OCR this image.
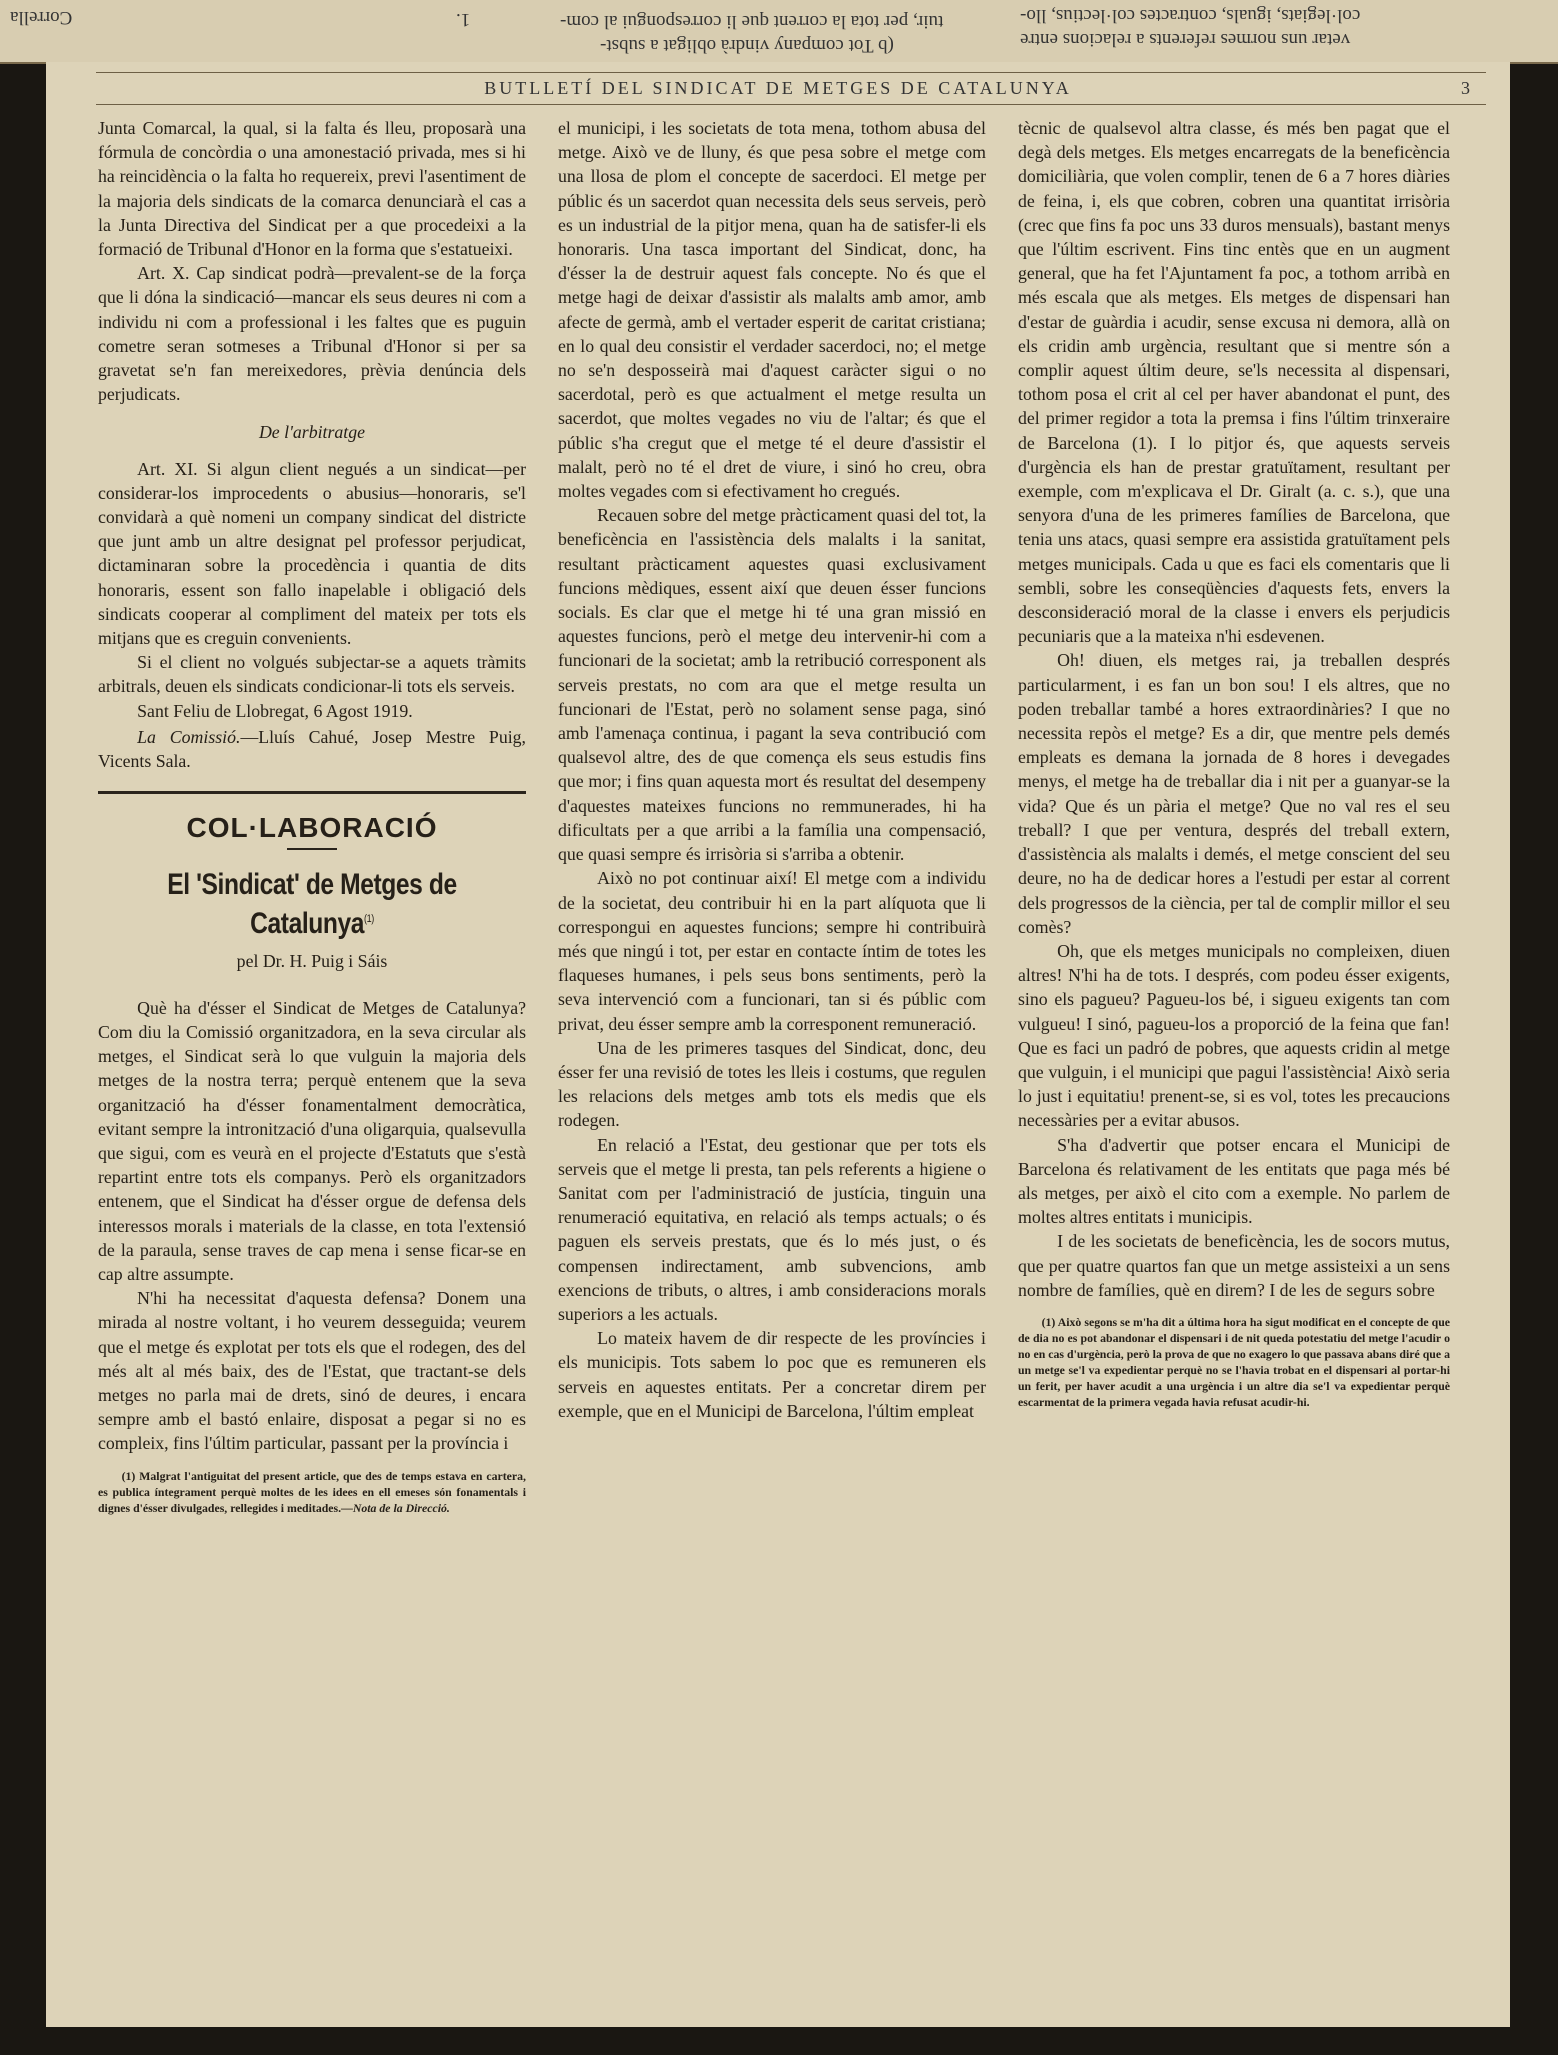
Corrella	1.	tuir, per tota la corrent que li correspongui al com-
(b Tot company vindrà obligat a subst-
col·legiats, iguals, contractes col·lectius, llo-
vetar uns normes referents a relacions entre
BUTLLETÍ DEL SINDICAT DE METGES DE CATALUNYA	3

Junta Comarcal, la qual, si la falta és lleu, proposarà una fórmula de concòrdia o una amonestació privada, mes si hi ha reincidència o la falta ho requereix, previ l'asentiment de la majoria dels sindicats de la comarca denunciarà el cas a la Junta Directiva del Sindicat per a que procedeixi a la formació de Tribunal d'Honor en la forma que s'estatueixi.

Art. X. Cap sindicat podrà—prevalent-se de la força que li dóna la sindicació—mancar els seus deures ni com a individu ni com a professional i les faltes que es puguin cometre seran sotmeses a Tribunal d'Honor si per sa gravetat se'n fan mereixedores, prèvia denúncia dels perjudicats.

De l'arbitratge

Art. XI. Si algun client negués a un sindicat—per considerar-los improcedents o abusius—honoraris, se'l convidarà a què nomeni un company sindicat del districte que junt amb un altre designat pel professor perjudicat, dictaminaran sobre la procedència i quantia de dits honoraris, essent son fallo inapelable i obligació dels sindicats cooperar al compliment del mateix per tots els mitjans que es creguin convenients.

Si el client no volgués subjectar-se a aquets tràmits arbitrals, deuen els sindicats condicionar-li tots els serveis.

Sant Feliu de Llobregat, 6 Agost 1919.

La Comissió.—Lluís Cahué, Josep Mestre Puig, Vicents Sala.

COL·LABORACIÓ
El 'Sindicat' de Metges de Catalunya$^{(1)}$
pel Dr. H. Puig i Sáis

Què ha d'ésser el Sindicat de Metges de Catalunya? Com diu la Comissió organitzadora, en la seva circular als metges, el Sindicat serà lo que vulguin la majoria dels metges de la nostra terra; perquè entenem que la seva organització ha d'ésser fonamentalment democràtica, evitant sempre la intronització d'una oligarquia, qualsevulla que sigui, com es veurà en el projecte d'Estatuts que s'està repartint entre tots els companys. Però els organitzadors entenem, que el Sindicat ha d'ésser orgue de defensa dels interessos morals i materials de la classe, en tota l'extensió de la paraula, sense traves de cap mena i sense ficar-se en cap altre assumpte.

N'hi ha necessitat d'aquesta defensa? Donem una mirada al nostre voltant, i ho veurem desseguida; veurem que el metge és explotat per tots els que el rodegen, des del més alt al més baix, des de l'Estat, que tractant-se dels metges no parla mai de drets, sinó de deures, i encara sempre amb el bastó enlaire, disposat a pegar si no es compleix, fins l'últim particular, passant per la província i

(1) Malgrat l'antiguitat del present article, que des de temps estava en cartera, es publica íntegrament perquè moltes de les idees en ell emeses són fonamentals i dignes d'ésser divulgades, rellegides i meditades.—Nota de la Direcció.

el municipi, i les societats de tota mena, tothom abusa del metge. Això ve de lluny, és que pesa sobre el metge com una llosa de plom el concepte de sacerdoci. El metge per públic és un sacerdot quan necessita dels seus serveis, però es un industrial de la pitjor mena, quan ha de satisfer-li els honoraris. Una tasca important del Sindicat, donc, ha d'ésser la de destruir aquest fals concepte. No és que el metge hagi de deixar d'assistir als malalts amb amor, amb afecte de germà, amb el vertader esperit de caritat cristiana; en lo qual deu consistir el verdader sacerdoci, no; el metge no se'n desposseirà mai d'aquest caràcter sigui o no sacerdotal, però es que actualment el metge resulta un sacerdot, que moltes vegades no viu de l'altar; és que el públic s'ha cregut que el metge té el deure d'assistir el malalt, però no té el dret de viure, i sinó ho creu, obra moltes vegades com si efectivament ho cregués.

Recauen sobre del metge pràcticament quasi del tot, la beneficència en l'assistència dels malalts i la sanitat, resultant pràcticament aquestes quasi exclusivament funcions mèdiques, essent així que deuen ésser funcions socials. Es clar que el metge hi té una gran missió en aquestes funcions, però el metge deu intervenir-hi com a funcionari de la societat; amb la retribució corresponent als serveis prestats, no com ara que el metge resulta un funcionari de l'Estat, però no solament sense paga, sinó amb l'amenaça continua, i pagant la seva contribució com qualsevol altre, des de que comença els seus estudis fins que mor; i fins quan aquesta mort és resultat del desempeny d'aquestes mateixes funcions no remmunerades, hi ha dificultats per a que arribi a la família una compensació, que quasi sempre és irrisòria si s'arriba a obtenir.

Això no pot continuar així! El metge com a individu de la societat, deu contribuir hi en la part alíquota que li correspongui en aquestes funcions; sempre hi contribuirà més que ningú i tot, per estar en contacte íntim de totes les flaqueses humanes, i pels seus bons sentiments, però la seva intervenció com a funcionari, tan si és públic com privat, deu ésser sempre amb la corresponent remuneració.

Una de les primeres tasques del Sindicat, donc, deu ésser fer una revisió de totes les lleis i costums, que regulen les relacions dels metges amb tots els medis que els rodegen.

En relació a l'Estat, deu gestionar que per tots els serveis que el metge li presta, tan pels referents a higiene o Sanitat com per l'administració de justícia, tinguin una renumeració equitativa, en relació als temps actuals; o és paguen els serveis prestats, que és lo més just, o és compensen indirectament, amb subvencions, amb exencions de tributs, o altres, i amb consideracions morals superiors a les actuals.

Lo mateix havem de dir respecte de les províncies i els municipis. Tots sabem lo poc que es remuneren els serveis en aquestes entitats. Per a concretar direm per exemple, que en el Municipi de Barcelona, l'últim empleat

tècnic de qualsevol altra classe, és més ben pagat que el degà dels metges. Els metges encarregats de la beneficència domiciliària, que volen complir, tenen de 6 a 7 hores diàries de feina, i, els que cobren, cobren una quantitat irrisòria (crec que fins fa poc uns 33 duros mensuals), bastant menys que l'últim escrivent. Fins tinc entès que en un augment general, que ha fet l'Ajuntament fa poc, a tothom arribà en més escala que als metges. Els metges de dispensari han d'estar de guàrdia i acudir, sense excusa ni demora, allà on els cridin amb urgència, resultant que si mentre són a complir aquest últim deure, se'ls necessita al dispensari, tothom posa el crit al cel per haver abandonat el punt, des del primer regidor a tota la premsa i fins l'últim trinxeraire de Barcelona (1). I lo pitjor és, que aquests serveis d'urgència els han de prestar gratuïtament, resultant per exemple, com m'explicava el Dr. Giralt (a. c. s.), que una senyora d'una de les primeres famílies de Barcelona, que tenia uns atacs, quasi sempre era assistida gratuïtament pels metges municipals. Cada u que es faci els comentaris que li sembli, sobre les conseqüències d'aquests fets, envers la desconsideració moral de la classe i envers els perjudicis pecuniaris que a la mateixa n'hi esdevenen.

Oh! diuen, els metges rai, ja treballen després particularment, i es fan un bon sou! I els altres, que no poden treballar també a hores extraordinàries? I que no necessita repòs el metge? Es a dir, que mentre pels demés empleats es demana la jornada de 8 hores i devegades menys, el metge ha de treballar dia i nit per a guanyar-se la vida? Que és un pària el metge? Que no val res el seu treball? I que per ventura, després del treball extern, d'assistència als malalts i demés, el metge conscient del seu deure, no ha de dedicar hores a l'estudi per estar al corrent dels progressos de la ciència, per tal de complir millor el seu comès?

Oh, que els metges municipals no compleixen, diuen altres! N'hi ha de tots. I després, com podeu ésser exigents, sino els pagueu? Pagueu-los bé, i sigueu exigents tan com vulgueu! I sinó, pagueu-los a proporció de la feina que fan! Que es faci un padró de pobres, que aquests cridin al metge que vulguin, i el municipi que pagui l'assistència! Això seria lo just i equitatiu! prenent-se, si es vol, totes les precaucions necessàries per a evitar abusos.

S'ha d'advertir que potser encara el Municipi de Barcelona és relativament de les entitats que paga més bé als metges, per això el cito com a exemple. No parlem de moltes altres entitats i municipis.

I de les societats de beneficència, les de socors mutus, que per quatre quartos fan que un metge assisteixi a un sens nombre de famílies, què en direm? I de les de segurs sobre

(1) Això segons se m'ha dit a última hora ha sigut modificat en el concepte de que de dia no es pot abandonar el dispensari i de nit queda potestatiu del metge l'acudir o no en cas d'urgència, però la prova de que no exagero lo que passava abans diré que a un metge se'l va expedientar perquè no se l'havia trobat en el dispensari al portar-hi un ferit, per haver acudit a una urgència i un altre dia se'l va expedientar perquè escarmentat de la primera vegada havia refusat acudir-hi.
